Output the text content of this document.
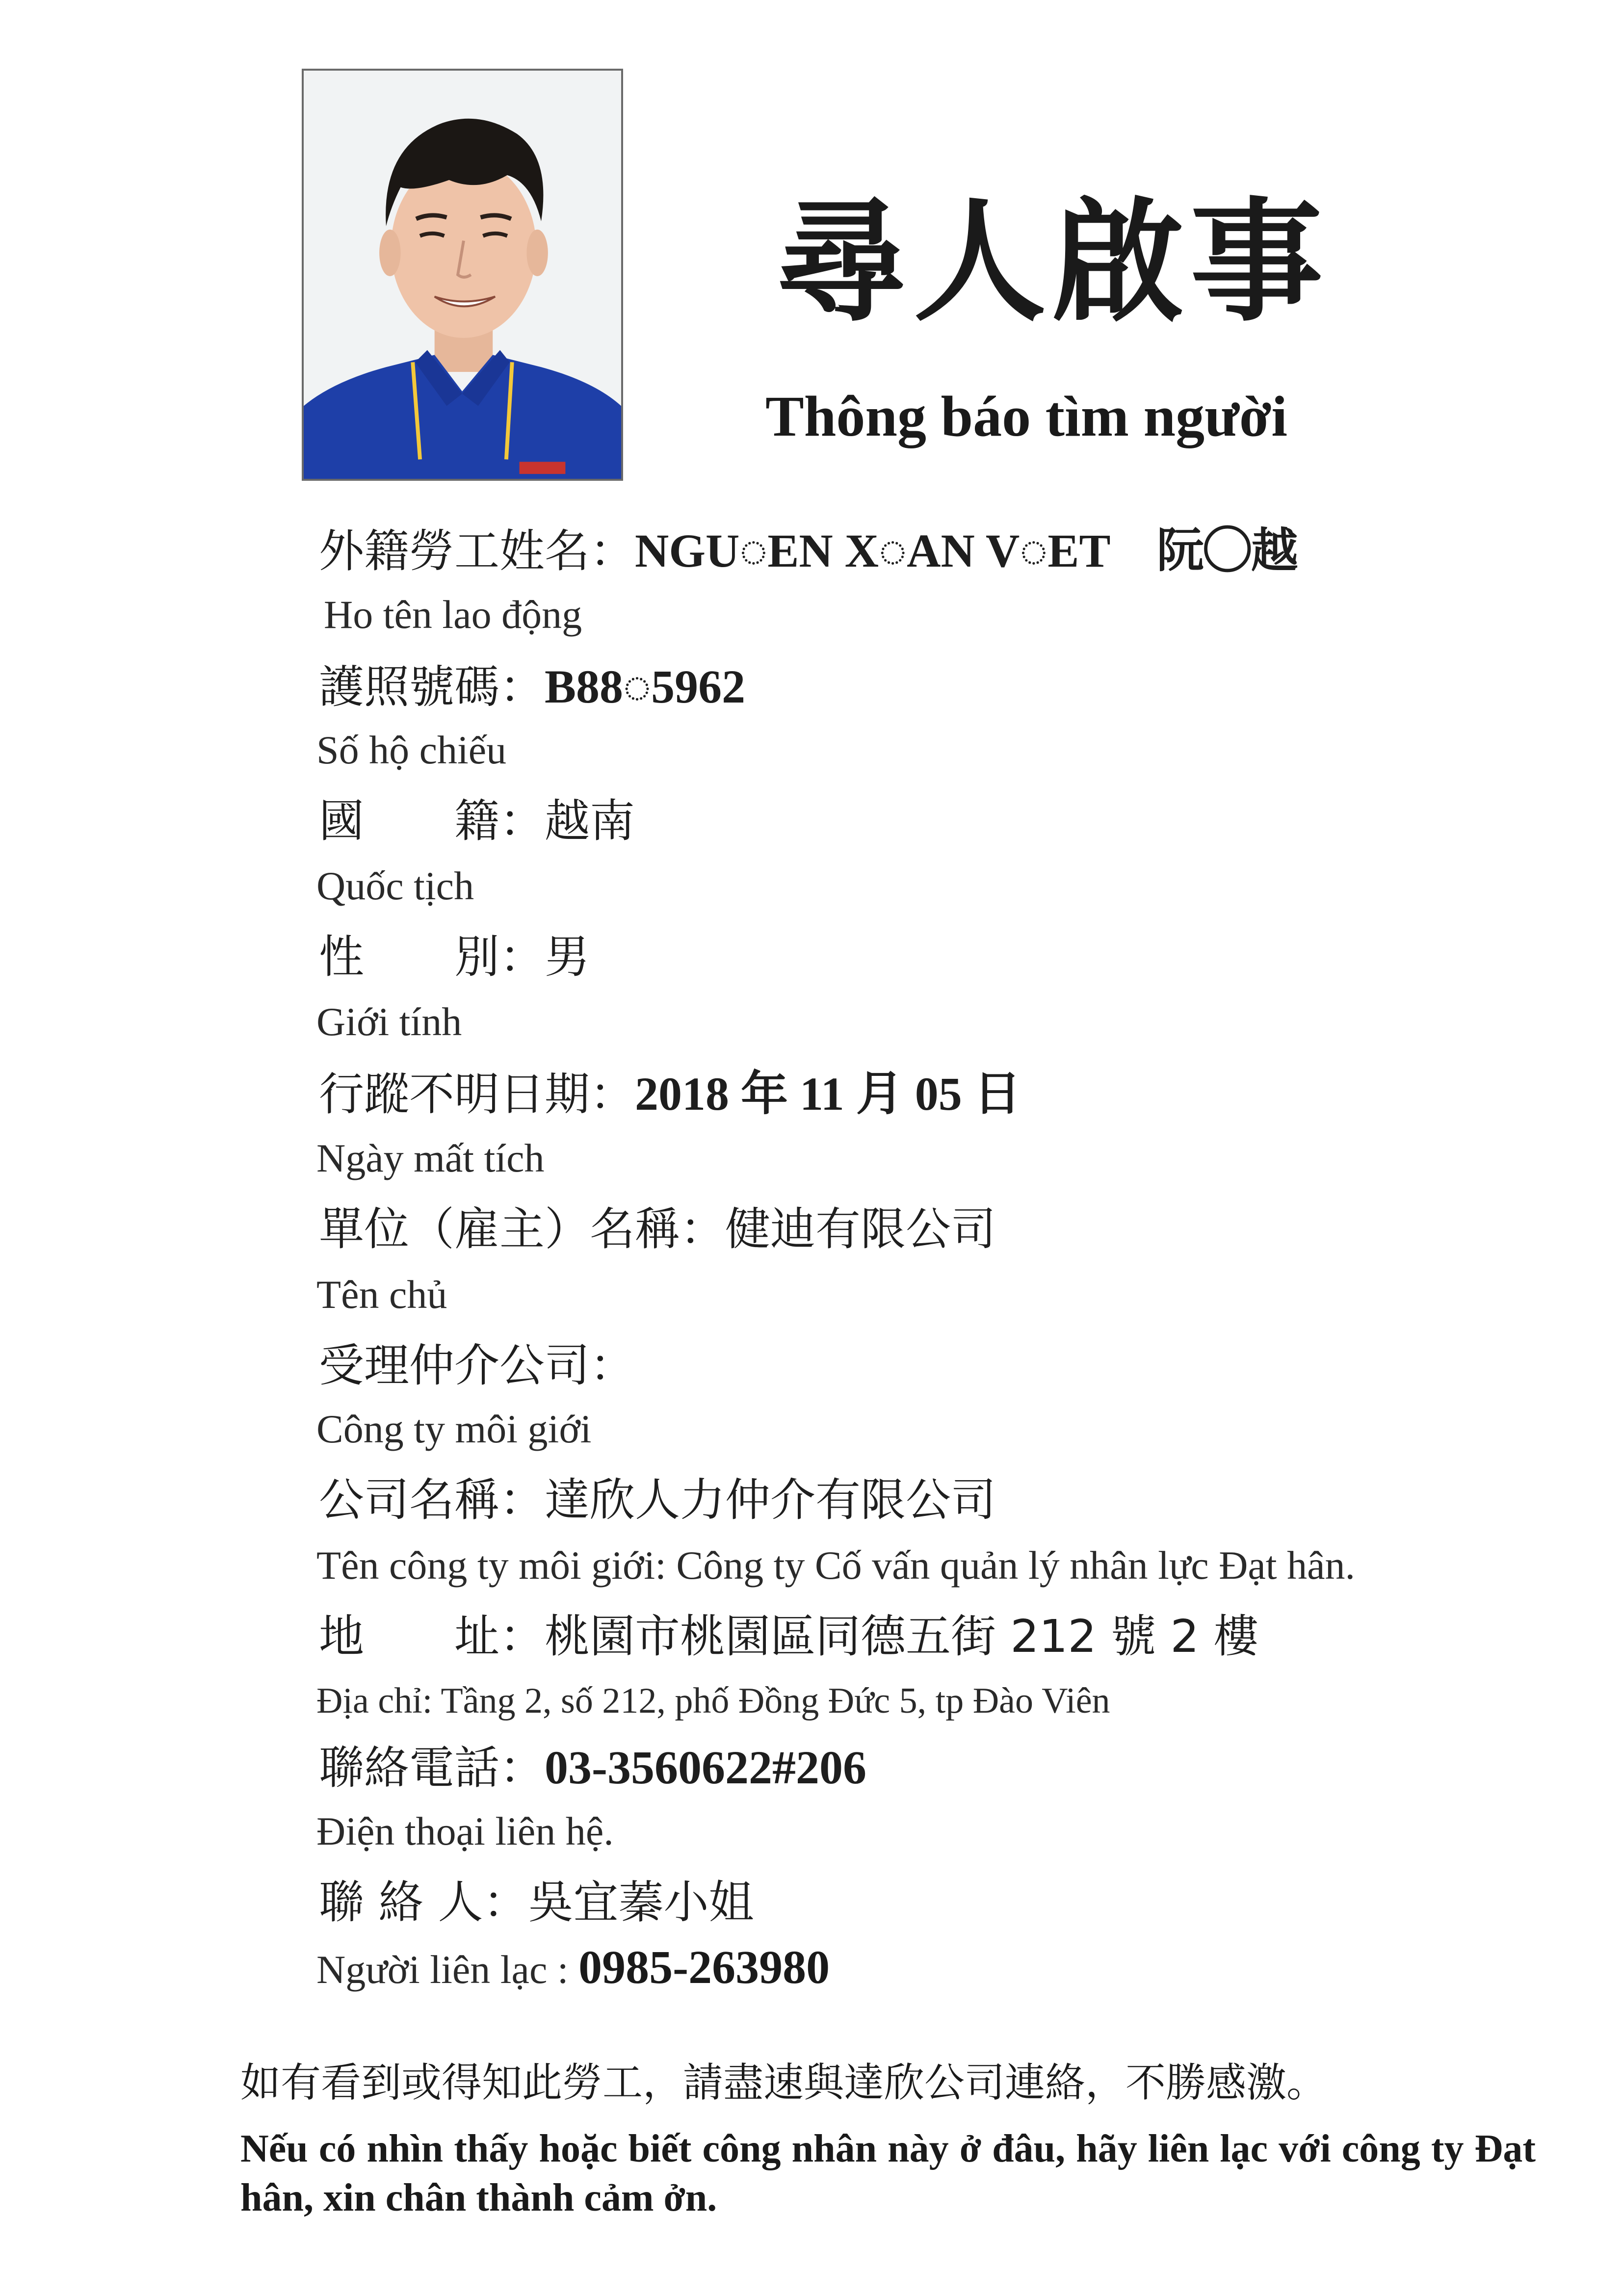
尋人啟事
Thông báo tìm người
外籍勞工姓名：NGU◌EN X◌AN V◌ET　阮◯越
Ho tên lao động
護照號碼：B88◌5962
Số hộ chiếu
國　　籍：越南
Quốc tịch
性　　別：男
Giới tính
行蹤不明日期：2018 年 11 月 05 日
Ngày mất tích
單位（雇主）名稱：健迪有限公司
Tên chủ
受理仲介公司：
Công ty môi giới
公司名稱：達欣人力仲介有限公司
Tên công ty môi giới: Công ty Cố vấn quản lý nhân lực Đạt hân.
地　　址：桃園市桃園區同德五街 212 號 2 樓
Địa chỉ: Tầng 2, số 212, phố Đồng Đức 5, tp Đào Viên
聯絡電話：03-3560622#206
Điện thoại liên hệ.
聯 絡 人：吳宜蓁小姐
Người liên lạc : 0985-263980
如有看到或得知此勞工，請盡速與達欣公司連絡，不勝感激。
Nếu có nhìn thấy hoặc biết công nhân này ở đâu, hãy liên lạc với công ty Đạt hân, xin chân thành cảm ởn.
